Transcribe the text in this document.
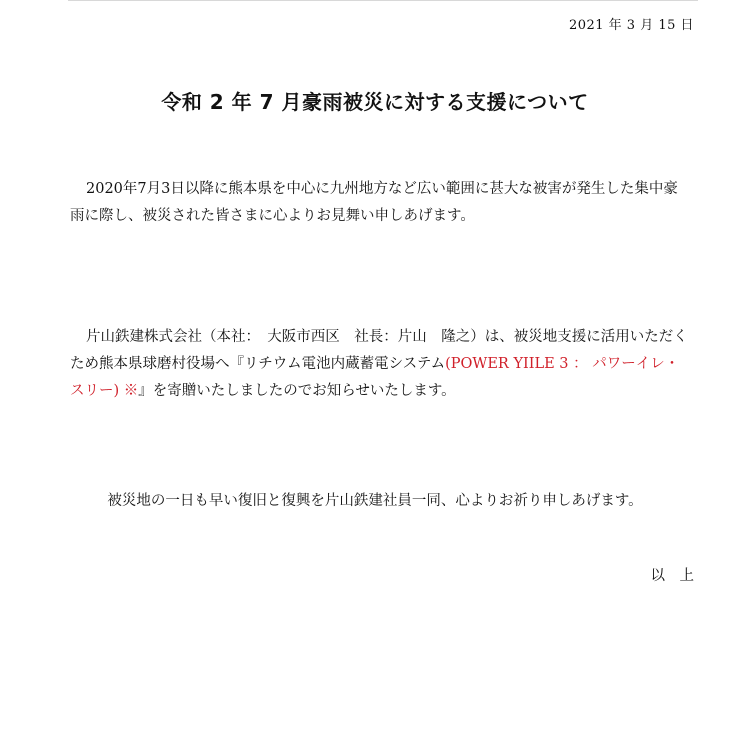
2021 年 3 月 15 日
令和 2 年 7 月豪雨被災に対する支援について
2020年7月3日以降に熊本県を中心に九州地方など広い範囲に甚大な被害が発生した集中豪雨に際し、被災された皆さまに心よりお見舞い申しあげます。
片山鉄建株式会社（本社：　大阪市西区　社長：片山　隆之）は、被災地支援に活用いただくため熊本県球磨村役場へ『リチウム電池内蔵蓄電システム(POWER YIILE 3 ： パワーイレ・スリー) ※』を寄贈いたしましたのでお知らせいたします。
被災地の一日も早い復旧と復興を片山鉄建社員一同、心よりお祈り申しあげます。
以　上
